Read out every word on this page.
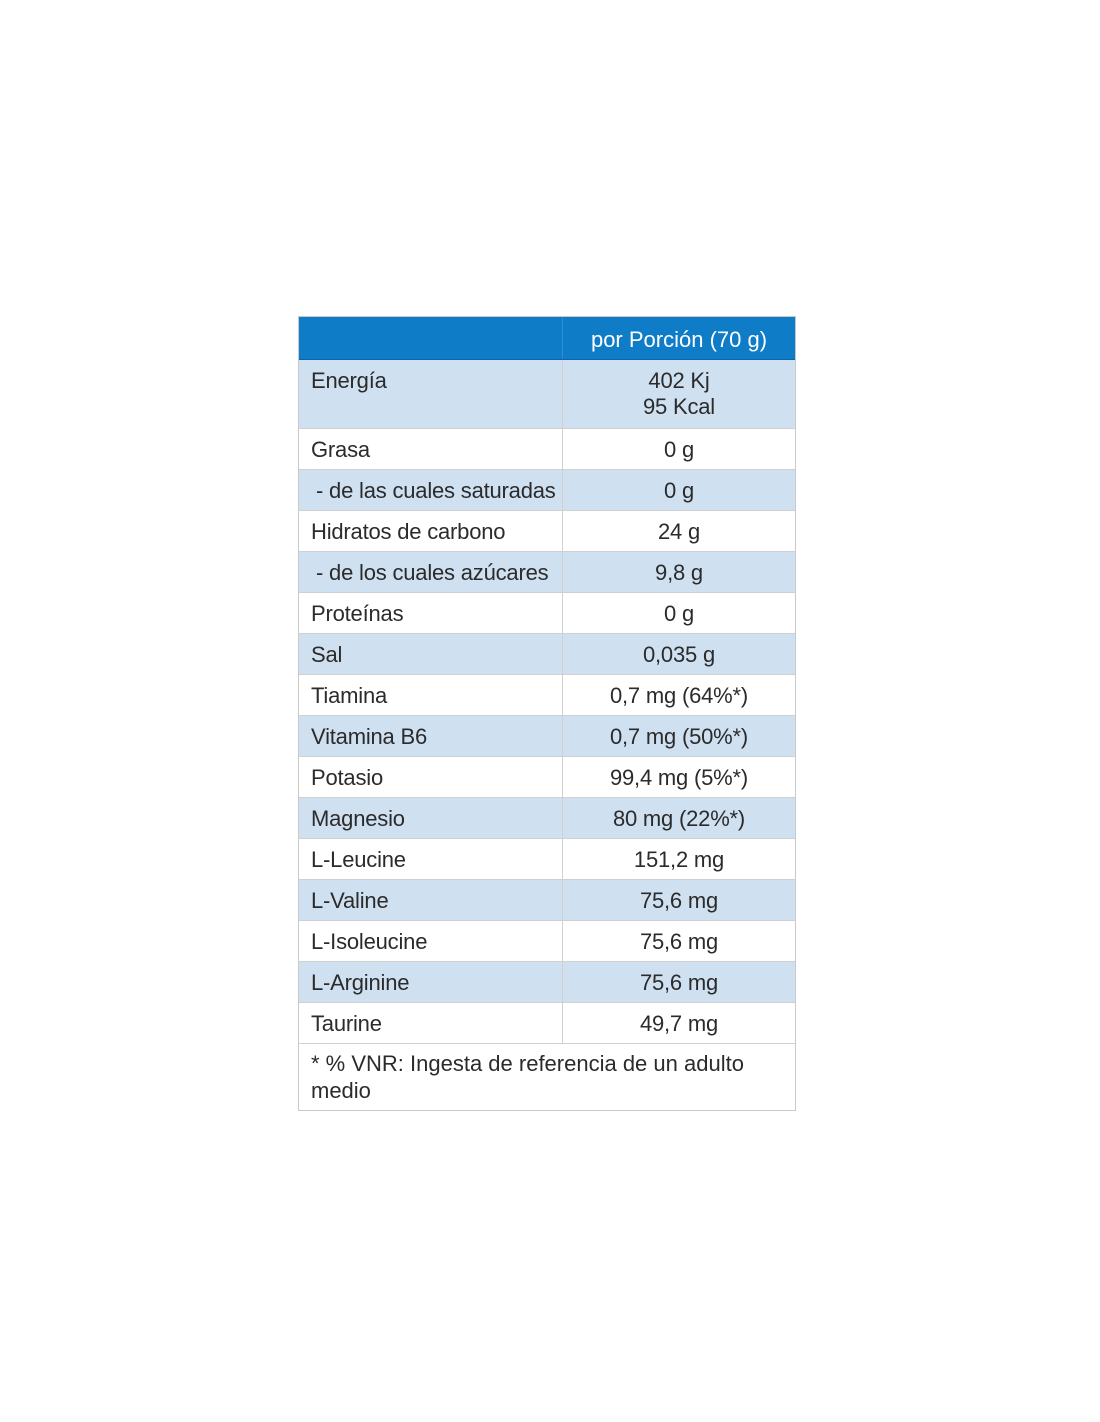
por Porción (70 g)
Energía	402 Kj
95 Kcal
Grasa	0 g
- de las cuales saturadas	0 g
Hidratos de carbono	24 g
- de los cuales azúcares	9,8 g
Proteínas	0 g
Sal	0,035 g
Tiamina	0,7 mg (64%*)
Vitamina B6	0,7 mg (50%*)
Potasio	99,4 mg (5%*)
Magnesio	80 mg (22%*)
L-Leucine	151,2 mg
L-Valine	75,6 mg
L-Isoleucine	75,6 mg
L-Arginine	75,6 mg
Taurine	49,7 mg
* % VNR: Ingesta de referencia de un adulto medio
